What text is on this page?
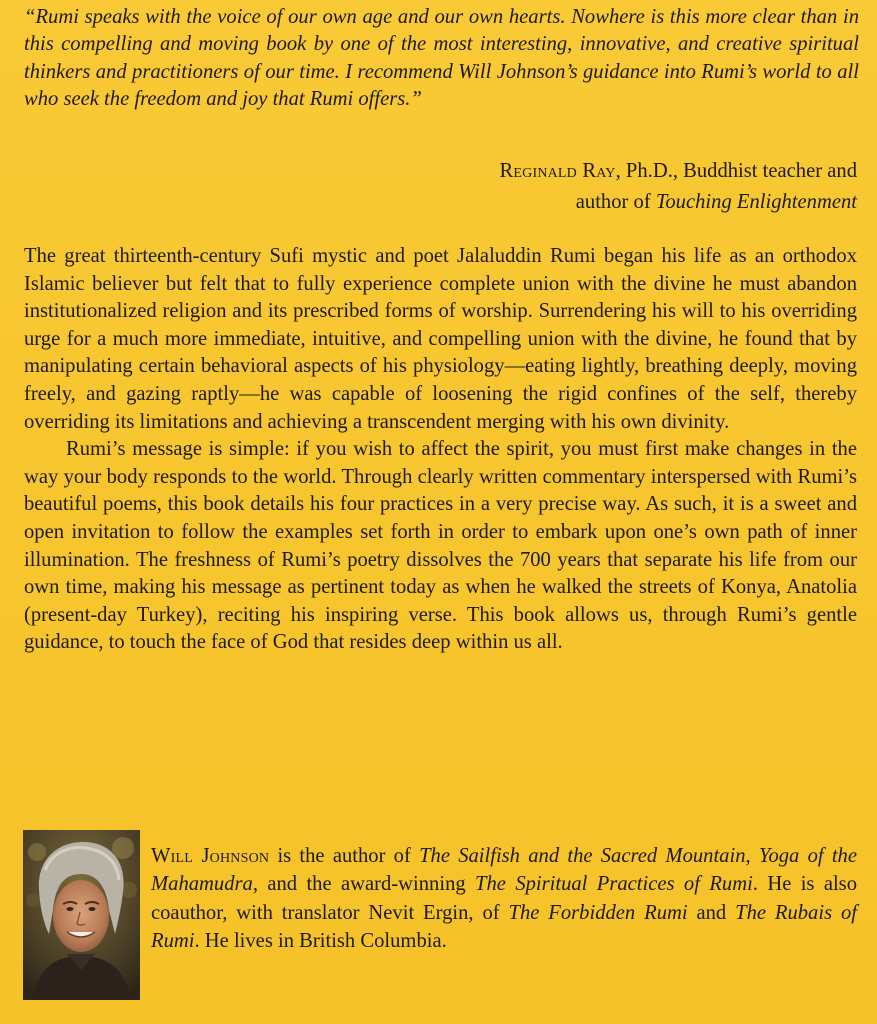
“Rumi speaks with the voice of our own age and our own hearts. Nowhere is this more clear than in this compelling and moving book by one of the most interesting, innovative, and creative spiritual thinkers and practitioners of our time. I recommend Will Johnson’s guidance into Rumi’s world to all who seek the freedom and joy that Rumi offers.”
Reginald Ray, Ph.D., Buddhist teacher and
author of Touching Enlightenment

The great thirteenth-century Sufi mystic and poet Jalaluddin Rumi began his life as an orthodox Islamic believer but felt that to fully experience complete union with the divine he must abandon institutionalized religion and its prescribed forms of worship. Surrendering his will to his overriding urge for a much more immediate, intuitive, and compelling union with the divine, he found that by manipulating certain behavioral aspects of his physiology—eating lightly, breathing deeply, moving freely, and gazing raptly—he was capable of loosening the rigid confines of the self, thereby overriding its limitations and achieving a transcendent merging with his own divinity.

Rumi’s message is simple: if you wish to affect the spirit, you must first make changes in the way your body responds to the world. Through clearly written commentary interspersed with Rumi’s beautiful poems, this book details his four practices in a very precise way. As such, it is a sweet and open invitation to follow the examples set forth in order to embark upon one’s own path of inner illumination. The freshness of Rumi’s poetry dissolves the 700 years that separate his life from our own time, making his message as pertinent today as when he walked the streets of Konya, Anatolia (present-day Turkey), reciting his inspiring verse. This book allows us, through Rumi’s gentle guidance, to touch the face of God that resides deep within us all.

Will Johnson is the author of The Sailfish and the Sacred Mountain, Yoga of the Mahamudra, and the award-winning The Spiritual Practices of Rumi. He is also coauthor, with translator Nevit Ergin, of The Forbidden Rumi and The Rubais of Rumi. He lives in British Columbia.
